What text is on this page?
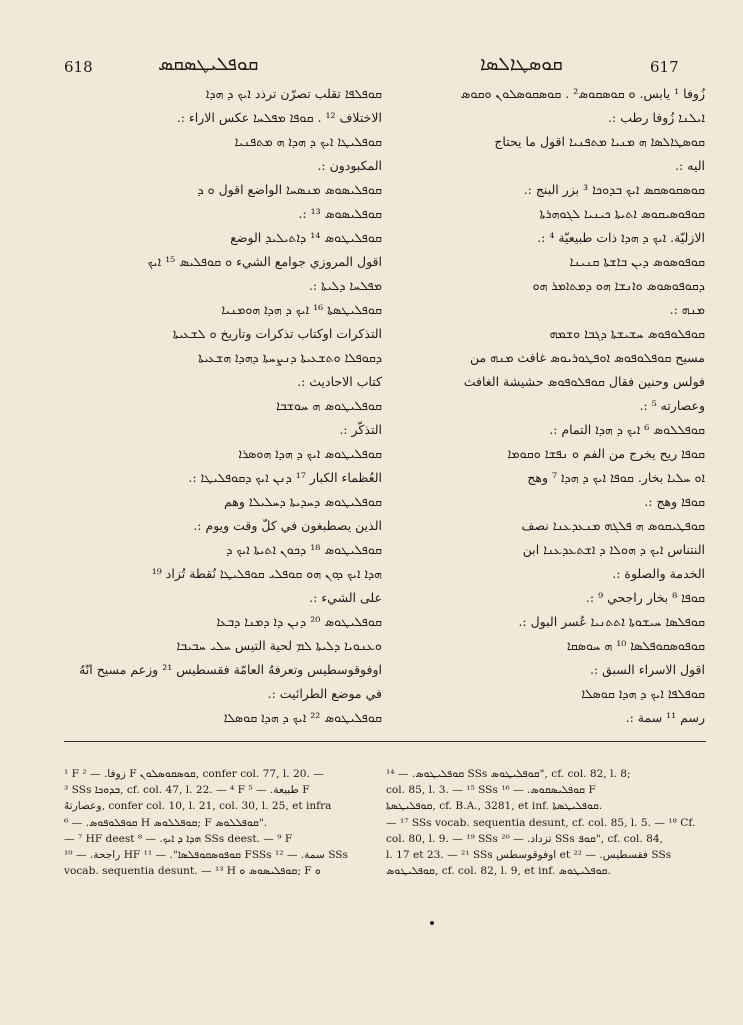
618	ܩܘܦܠܝܛܣܩܣ	ܩܘܣܛܐܠܣܐ	617

ܩܘܦܠܦܐ تقلب تصرّن ترذد ܐܝܟ ܕ ܗܕܐ

الاختلاف ¹² . ܩܘܦܐ ܡܦܠܚܐ عكس الاراء :.

ܩܘܦܠܝܛܐ ܐܝܟ ܕ ܗܕܐ ܗ ܡܬܦܢܝܐ

المكبودون :.

ܩܘܦܠܝܣܘܣ ܡܢܣܚܐ الواضع اقول ܘ ܕ

ܩܘܦܠܝܣܘܣ ¹³ :.

ܩܘܦܠܝܛܘܣ ¹⁴ ܕܐܬܝܠܝܕ الوضع

اقول المروزي جوامع الشيء ܘ ܩܘܦܠܝܣ ¹⁵ ܐܝܟ

ܡܦܠܚܐ ܕܠܝܬܐ :.

ܩܘܦܠܝܛܣܬܐ ¹⁶ ܐܝܟ ܕ ܗܕܐ ܗܘܡܢܝܐ

التذكرات اوكتاب تذكرات وتاريخ ܘ ܠܫܥܝܬܐ

ܕܩܘܦܠܐ ܘܬܫܥܝܬܐ ܕܢܨܚܬܐ ܕܗܕܐ ܗܫܥܝܬܐ

كتاب الاحاديث :.

ܩܘܦܠܝܛܘܣ ܗ ܚܘܫܒܐ

التذكّر :.

ܩܘܦܠܝܛܘܣ ܐܝܟ ܕ ܗܕܐ ܗܘܣܪܐ

العُظماء الكبار ¹⁷ ܕܢܢ ܐܝܟ ܕܩܘܦܠܝܛܐ :.

ܩܘܦܠܝܛܘܣ ܕܚܕܝܬܐ ܕܚܠܝܠܐ وهم

الذين يصطبغون في كلّ وقت ويوم :.

ܩܘܦܠܝܛܘܣ ¹⁸ ܕܟܘܢ ܐܬܝܬܐ ܐܝܟ ܕ

ܗܕܐ ܐܝܟ ܕܘܢ ܗܘ ܩܘܦܠܝ ܩܘܦܠܝܛܐ نُقطة تُزاد ¹⁹

على الشيء :.

ܩܘܦܠܝܛܘܣ ²⁰ ܕܢܢ ܕܐ ܕܡܢܐ ܕܒܥܐ

ܘܥܢܘܝܐ ܕܠܝܬܐ ܠܡ لحية التيس ܚܠܝ ܚܒܝܒܐ

اوفوقوسطيس وتعرفهُ العامّة فقسطيس ²¹ وزعم مسيح انّهُ

في موضع الطرائيت :.

ܩܘܦܠܝܛܘܣ ²² ܐܝܟ ܕ ܗܕܐ ܩܘܣܠܐ

زُوفا ¹ يابس. ܘ ܩܘܣܩܘܣ² . ܩܘܣܩܘܣܠܘܢ ܘܩܘܣ

ܐܝܠܢܐ زُوفا رطب :.

ܩܘܣܛܐܠܣܐ ܗ ܡܢܝܐ ܡܬܦܢܝܐ اقول ما يحتاج

اليه :.

ܩܘܣܩܘܣܩܣ ܐܝܟ ܒܕܘܟܐ ³ بزر البنج :.

ܩܘܦܘܣܝܩܘܣ ܐܬܝܬܐ ܟܝܢܝܐ ܠܓܘܗܪܬܐ

الازليّة. ܐܝܟ ܕ ܗܕܐ ذات طبيعيّة ⁴ :.

ܩܘܦܘܣܘܣ ܕܝܢ ܒܐܫܬܐ ܩܢܝܢܐ

ܕܩܘܦܘܣܘܣ ܘܐܢܫܐ ܗܘ ܕܡܬܐܡܪ ܗܘ

ܡܢܗ :.

ܩܘܦܠܘܦܘܣ ܚܫܝܫܬܐ ܕܓܒܐ ܘܫܡܗ

مسيح ܩܘܦܠܘܦܘܣ ܐܘܦܛܘܪܝܘܣ غافث ܡܢܗ من

فولس وحنين فقال ܩܘܦܠܘܦܘܣ حشيشة الغافث

وعصارته ⁵ :.

ܩܘܦܠܠܘܣ ⁶ ܐܝܟ ܕ ܗܕܐ التمام :.

ܩܘܦܐ ريح يخرج من الفم ܘ ܢܦܫܐ ܘܩܘܡܐ

ܐܘ ܚܠܝܐ بخار. ܩܘܦܐ ܐܝܟ ܕ ܗܕܐ ⁷ وهج

ܩܘܦܐ وهج :.

ܩܘܦܛܝܩܘܣ ܗ ܦܠܓܗ ܡܢܥܕܥܢܐ نصف

النتناس ܐܝܟ ܕ ܗܘܠܐ ܕ ܐܫܬܥܕܥܢܐ ابن

الخدمة والصلوة :.

ܩܘܦܐ ⁸ بخار راجحي ⁹ :.

ܩܘܦܠܣܐ ܚܝܫܘܬܐ ܐܬܬܢܝܐ عُسر البول :.

ܩܘܦܘܣܩܘܦܠܣܐ ¹⁰ ܗ ܚܘܣܩܐ

اقول الاسراء السبق :.

ܩܘܦܠܦܐ ܐܝܟ ܕ ܗܕܐ ܩܘܣܠܐ

رسم ¹¹ سمة :.

¹ F زوفا. — ² F ܩܘܣܩܘܣܠܘܢ, confer col. 77, l. 20. —

³ SSs ܒܕܘܟܐ, cf. col. 47, l. 22. — ⁴ F طبيعة. — ⁵ F

وعصارتهُ, confer col. 10, l. 21, col. 30, l. 25, et infra

ܩܘܦܠܘܦܘܣ. — ⁶ H ܩܘܦܠܠܘܣ; F ܩܘܦܠܠܘܣ".

— ⁷ HF deest ܗܕܐ ܕ ܐܝܟ. — ⁸ SSs deest. — ⁹ F

راجحة. — ¹⁰ HF ܩܘܦܘܣܩܘܦܠܣܐ". — ¹¹ FSSs سمة. — ¹² SSs

vocab. sequentia desunt. — ¹³ H ܩܘܦܠܝܣܘܣ ܘ; F ܘ

ܩܘܦܠܝܛܘܣ. — ¹⁴ SSs ܩܘܦܠܝܛܘܣ", cf. col. 82, l. 8;

col. 85, l. 3. — ¹⁵ SSs ܩܘܦܠܝܣܩܘܣ. — ¹⁶ F

ܩܘܦܠܝܛܣܬܐ, cf. B.A., 3281, et inf. ܩܘܦܠܝܛܣܬܐ.

— ¹⁷ SSs vocab. sequentia desunt, cf. col. 85, l. 5. — ¹⁸ Cf.

col. 80, l. 9. — ¹⁹ SSs تزداد. — ²⁰ SSs ܩܘܦ", cf. col. 84,

l. 17 et 23. — ²¹ SSs اوفوقوسطس et فقسطيس. — ²² SSs

ܩܘܦܠܝܛܘܣ, cf. col. 82, l. 9, et inf. ܩܘܦܠܝܛܘܣ.
